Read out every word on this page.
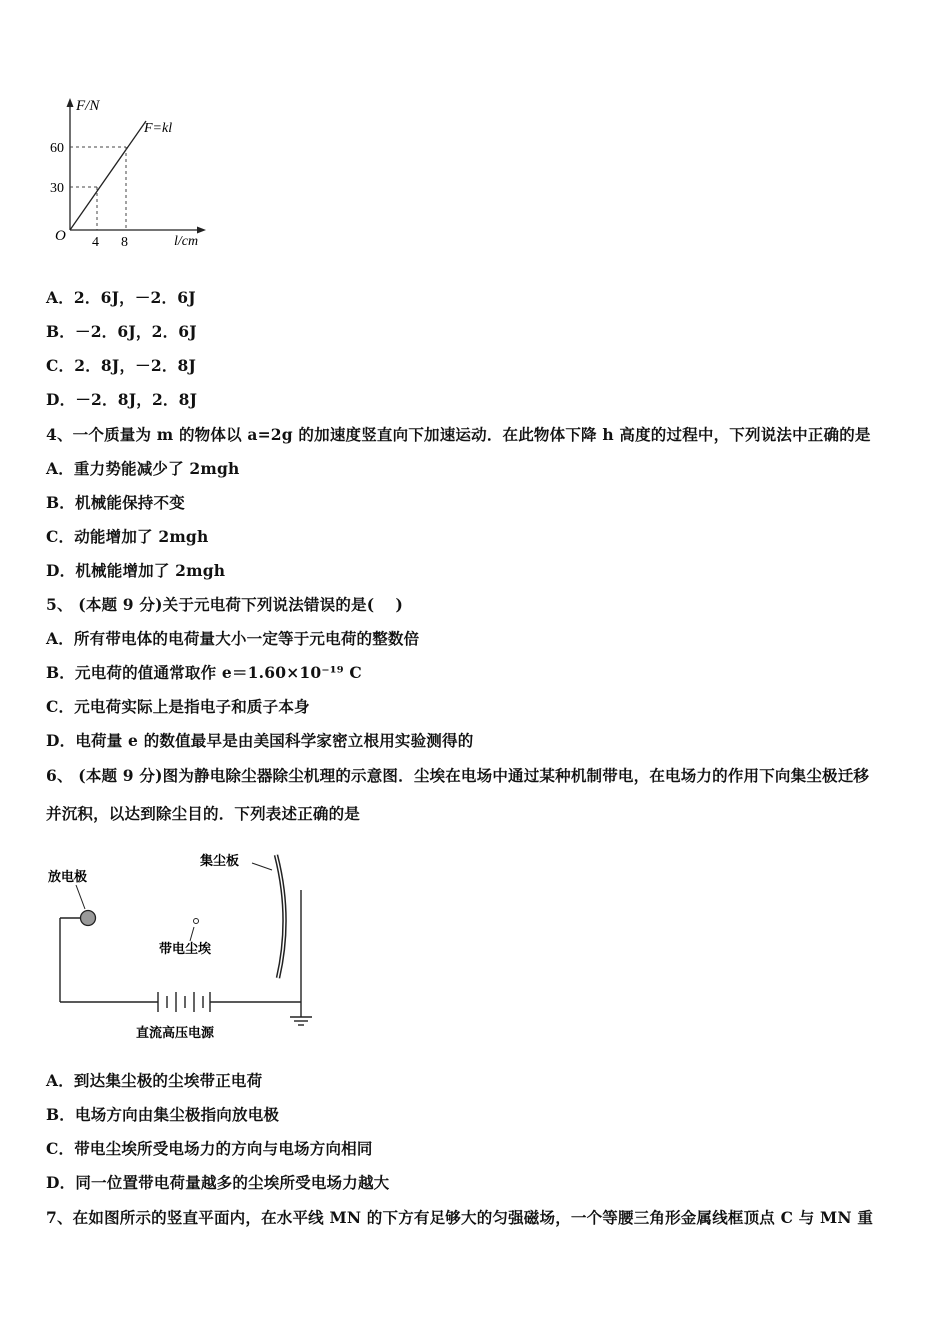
F/N
F=kl
60
30
O 4 8	l/cm
A．2．6J，－2．6J
B．－2．6J，2．6J
C．2．8J，－2．8J
D．－2．8J，2．8J
4、一个质量为 m 的物体以 a=2g 的加速度竖直向下加速运动．在此物体下降 h 高度的过程中，下列说法中正确的是
A．重力势能减少了 2mgh
B．机械能保持不变
C．动能增加了 2mgh
D．机械能增加了 2mgh
5、 (本题 9 分)关于元电荷下列说法错误的是(　 )
A．所有带电体的电荷量大小一定等于元电荷的整数倍
B．元电荷的值通常取作 e＝1.60×10⁻¹⁹ C
C．元电荷实际上是指电子和质子本身
D．电荷量 e 的数值最早是由美国科学家密立根用实验测得的
6、 (本题 9 分)图为静电除尘器除尘机理的示意图．尘埃在电场中通过某种机制带电，在电场力的作用下向集尘极迁移
并沉积，以达到除尘目的．下列表述正确的是
放电极
集尘板
带电尘埃
直流高压电源
A．到达集尘极的尘埃带正电荷
B．电场方向由集尘极指向放电极
C．带电尘埃所受电场力的方向与电场方向相同
D．同一位置带电荷量越多的尘埃所受电场力越大
7、在如图所示的竖直平面内，在水平线 MN 的下方有足够大的匀强磁场，一个等腰三角形金属线框顶点 C 与 MN 重
